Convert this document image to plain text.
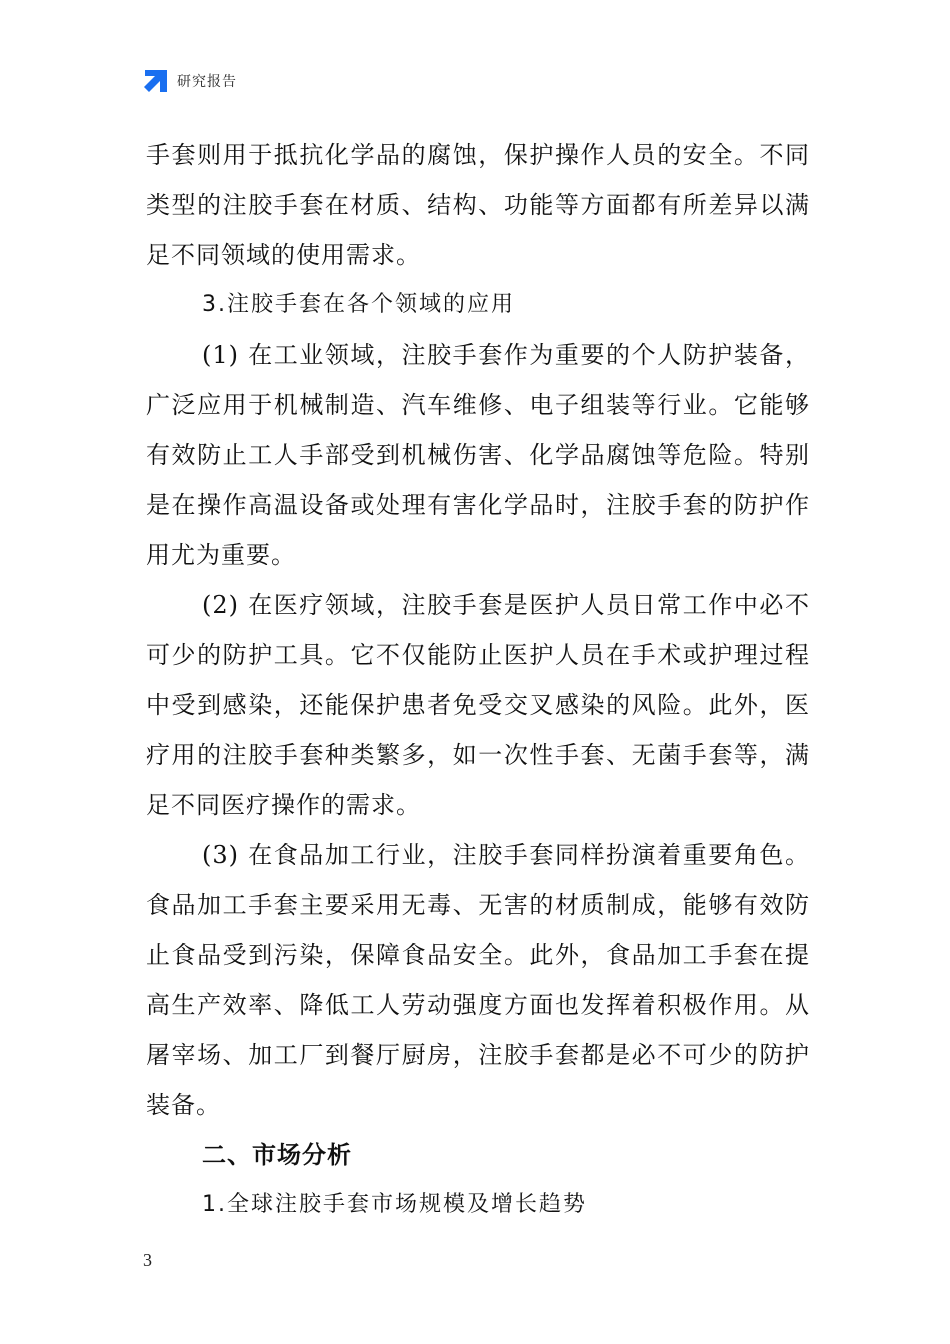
研究报告

手套则用于抵抗化学品的腐蚀，保护操作人员的安全。不同类型的注胶手套在材质、结构、功能等方面都有所差异以满足不同领域的使用需求。

3.注胶手套在各个领域的应用

(1) 在工业领域，注胶手套作为重要的个人防护装备，广泛应用于机械制造、汽车维修、电子组装等行业。它能够有效防止工人手部受到机械伤害、化学品腐蚀等危险。特别是在操作高温设备或处理有害化学品时，注胶手套的防护作用尤为重要。

(2) 在医疗领域，注胶手套是医护人员日常工作中必不可少的防护工具。它不仅能防止医护人员在手术或护理过程中受到感染，还能保护患者免受交叉感染的风险。此外，医疗用的注胶手套种类繁多，如一次性手套、无菌手套等，满足不同医疗操作的需求。

(3) 在食品加工行业，注胶手套同样扮演着重要角色。食品加工手套主要采用无毒、无害的材质制成，能够有效防止食品受到污染，保障食品安全。此外，食品加工手套在提高生产效率、降低工人劳动强度方面也发挥着积极作用。从屠宰场、加工厂到餐厅厨房，注胶手套都是必不可少的防护装备。

二、市场分析

1.全球注胶手套市场规模及增长趋势

3
